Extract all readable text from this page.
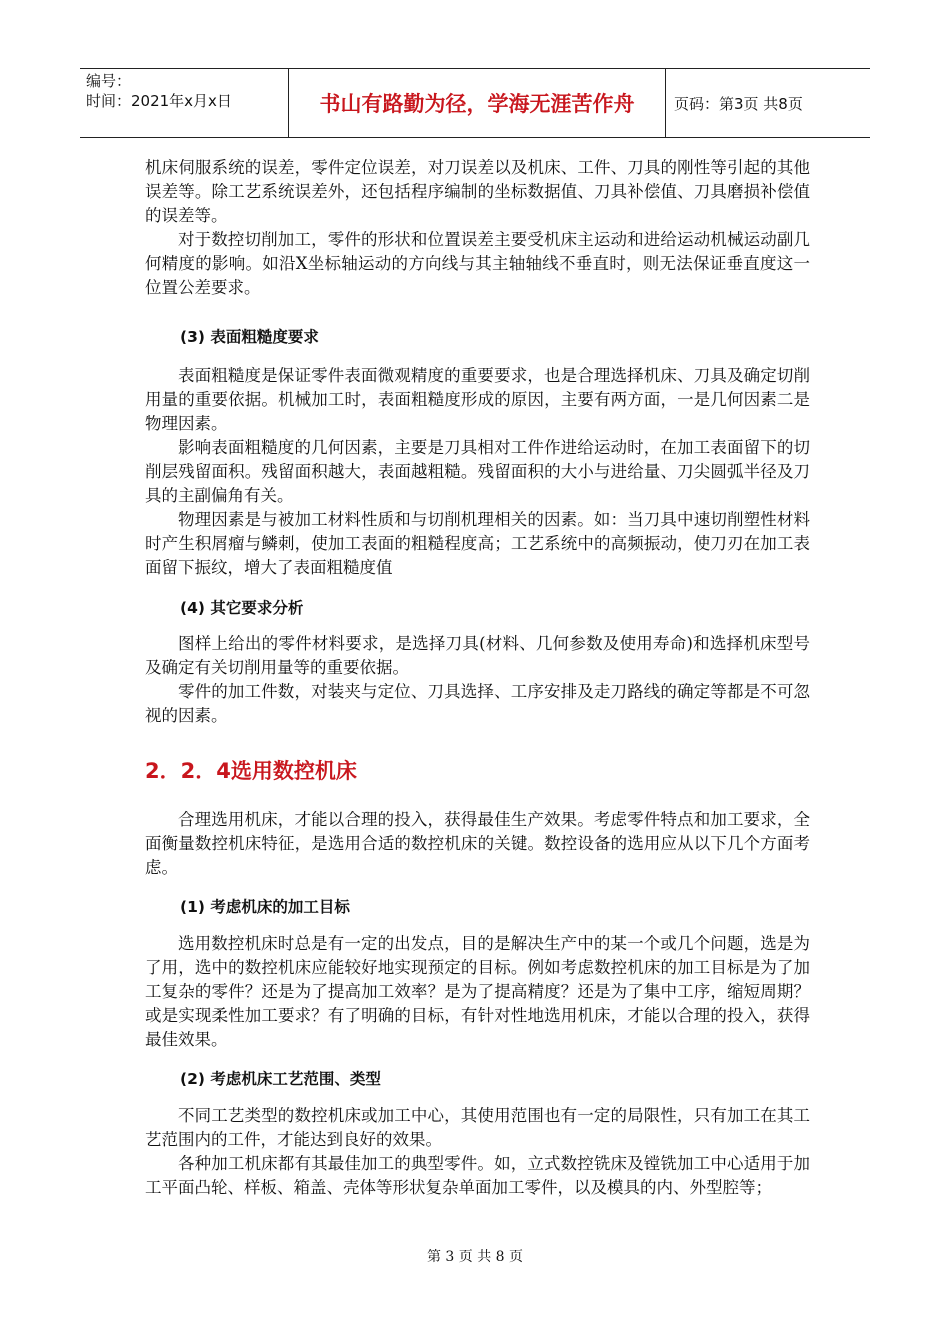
编号：
时间：2021年x月x日	书山有路勤为径，学海无涯苦作舟	页码：第3页 共8页

机床伺服系统的误差，零件定位误差，对刀误差以及机床、工件、刀具的刚性等引起的其他误差等。除工艺系统误差外，还包括程序编制的坐标数据值、刀具补偿值、刀具磨损补偿值的误差等。

对于数控切削加工，零件的形状和位置误差主要受机床主运动和进给运动机械运动副几何精度的影响。如沿X坐标轴运动的方向线与其主轴轴线不垂直时，则无法保证垂直度这一位置公差要求。

(3) 表面粗糙度要求

表面粗糙度是保证零件表面微观精度的重要要求，也是合理选择机床、刀具及确定切削用量的重要依据。机械加工时，表面粗糙度形成的原因，主要有两方面，一是几何因素二是物理因素。

影响表面粗糙度的几何因素，主要是刀具相对工件作进给运动时，在加工表面留下的切削层残留面积。残留面积越大，表面越粗糙。残留面积的大小与进给量、刀尖圆弧半径及刀具的主副偏角有关。

物理因素是与被加工材料性质和与切削机理相关的因素。如：当刀具中速切削塑性材料时产生积屑瘤与鳞刺，使加工表面的粗糙程度高；工艺系统中的高频振动，使刀刃在加工表面留下振纹，增大了表面粗糙度值

(4) 其它要求分析

图样上给出的零件材料要求，是选择刀具(材料、几何参数及使用寿命)和选择机床型号及确定有关切削用量等的重要依据。

零件的加工件数，对装夹与定位、刀具选择、工序安排及走刀路线的确定等都是不可忽视的因素。

2．2．4选用数控机床

合理选用机床，才能以合理的投入，获得最佳生产效果。考虑零件特点和加工要求，全面衡量数控机床特征，是选用合适的数控机床的关键。数控设备的选用应从以下几个方面考虑。

(1) 考虑机床的加工目标

选用数控机床时总是有一定的出发点，目的是解决生产中的某一个或几个问题，选是为了用，选中的数控机床应能较好地实现预定的目标。例如考虑数控机床的加工目标是为了加工复杂的零件？还是为了提高加工效率？是为了提高精度？还是为了集中工序，缩短周期？或是实现柔性加工要求？有了明确的目标，有针对性地选用机床，才能以合理的投入，获得最佳效果。

(2) 考虑机床工艺范围、类型

不同工艺类型的数控机床或加工中心，其使用范围也有一定的局限性，只有加工在其工艺范围内的工件，才能达到良好的效果。

各种加工机床都有其最佳加工的典型零件。如，立式数控铣床及镗铣加工中心适用于加工平面凸轮、样板、箱盖、壳体等形状复杂单面加工零件，以及模具的内、外型腔等；

第 3 页 共 8 页
